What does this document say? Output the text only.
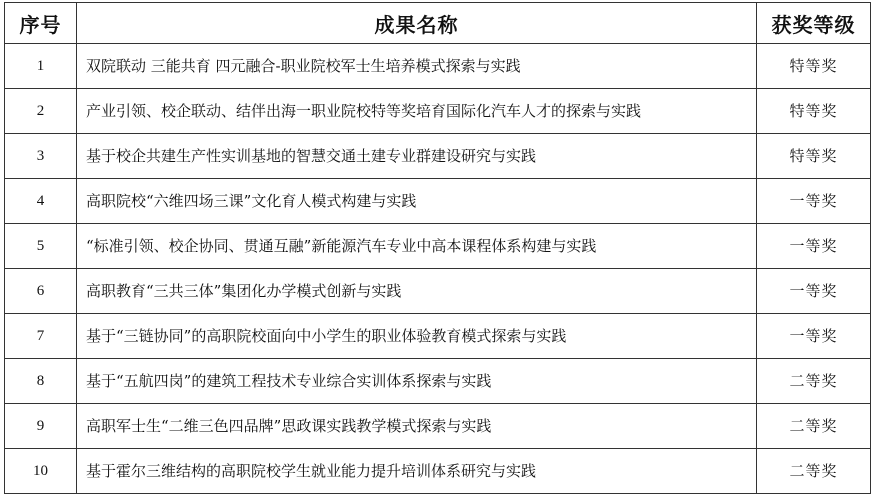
序号	成果名称	获奖等级
1	双院联动 三能共育 四元融合-职业院校军士生培养模式探索与实践	特等奖
2	产业引领、校企联动、结伴出海一职业院校特等奖培育国际化汽车人才的探索与实践	特等奖
3	基于校企共建生产性实训基地的智慧交通土建专业群建设研究与实践	特等奖
4	高职院校“六维四场三课”文化育人模式构建与实践	一等奖
5	“标准引领、校企协同、贯通互融”新能源汽车专业中高本课程体系构建与实践	一等奖
6	高职教育“三共三体”集团化办学模式创新与实践	一等奖
7	基于“三链协同”的高职院校面向中小学生的职业体验教育模式探索与实践	一等奖
8	基于“五航四岗”的建筑工程技术专业综合实训体系探索与实践	二等奖
9	高职军士生“二维三色四品牌”思政课实践教学模式探索与实践	二等奖
10	基于霍尔三维结构的高职院校学生就业能力提升培训体系研究与实践	二等奖
